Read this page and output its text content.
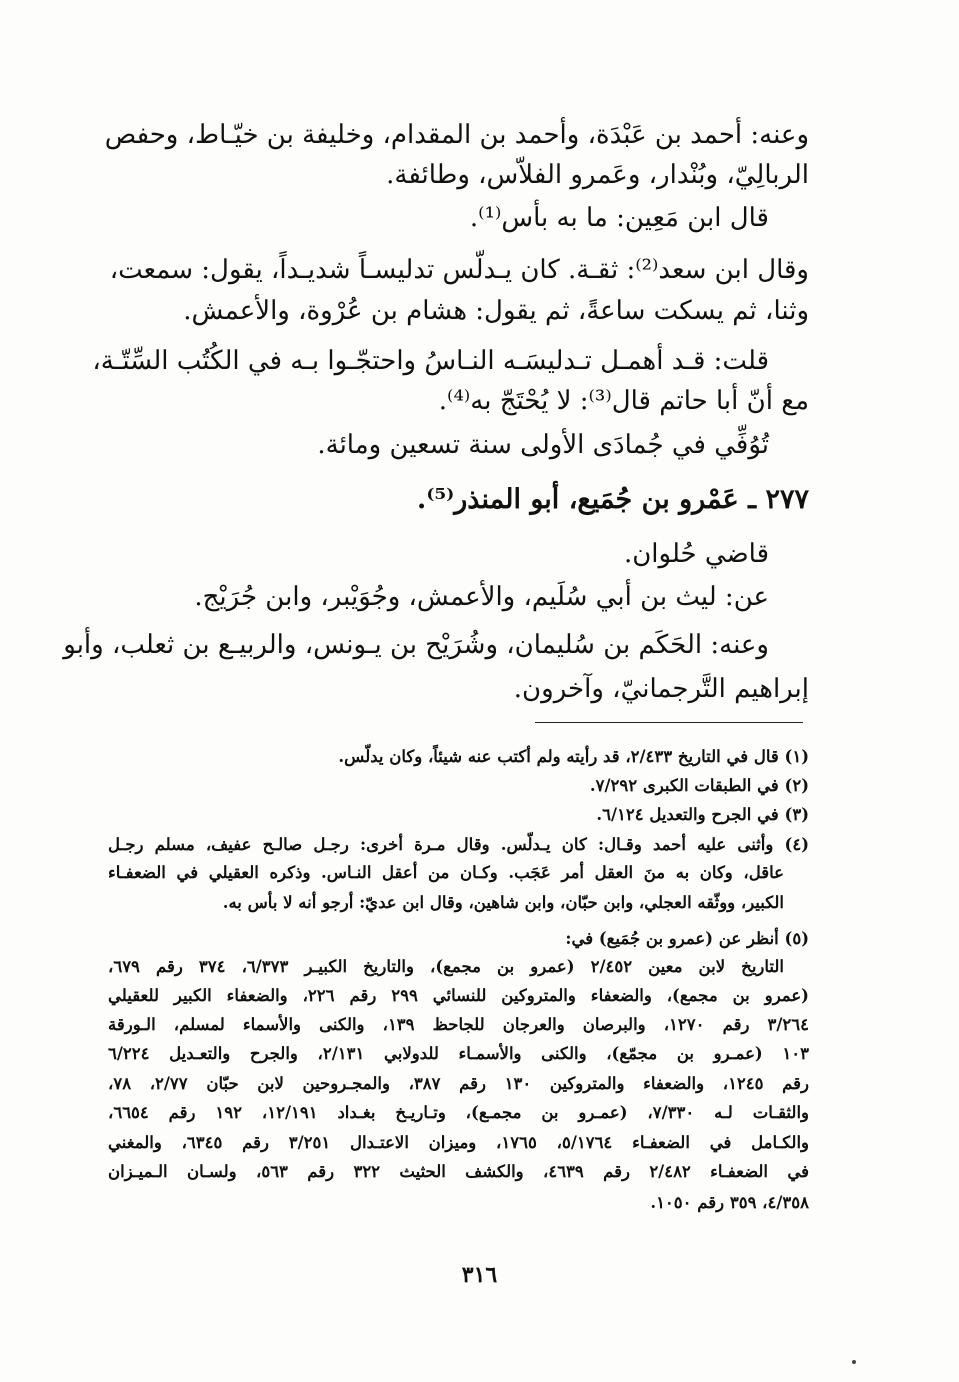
وعنه: أحمد بن عَبْدَة، وأحمد بن المقدام، وخليفة بن خيّـاط، وحفص
الربالِيّ، وبُنْدار، وعَمرو الفلاّس، وطائفة.
قال ابن مَعِين: ما به بأس⁽¹⁾.
وقال ابن سعد⁽²⁾: ثقـة. كان يـدلّس تدليسـاً شديـداً، يقول: سمعت،
وثنا، ثم يسكت ساعةً، ثم يقول: هشام بن عُرْوة، والأعمش.
قلت: قـد أهمـل تـدليسَـه النـاسُ واحتجّـوا بـه في الكُتُب السِّتّـة،
مع أنّ أبا حاتم قال⁽³⁾: لا يُحْتَجّ به⁽⁴⁾.
تُوُفِّي في جُمادَى الأولى سنة تسعين ومائة.
٢٧٧ ـ عَمْرو بن جُمَيع، أبو المنذر⁽⁵⁾.
قاضي حُلوان.
عن: ليث بن أبي سُلَيم، والأعمش، وجُوَيْبر، وابن جُرَيْج.
وعنه: الحَكَم بن سُليمان، وشُرَيْح بن يـونس، والربيـع بن ثعلب، وأبو
إبراهيم التَّرجمانيّ، وآخرون.
(١) قال في التاريخ ٢/٤٣٣، قد رأيته ولم أكتب عنه شيئاً، وكان يدلّس.
(٢) في الطبقات الكبرى ٧/٢٩٢.
(٣) في الجرح والتعديل ٦/١٢٤.
(٤) وأثنى عليه أحمد وقـال: كان يـدلّس. وقال مـرة أخرى: رجـل صالـح عفيف، مسلم رجـل
عاقل، وكان به منَ العقل أمر عَجَب. وكـان من أعقل النـاس. وذكره العقيلي في الضعفـاء
الكبير، ووثّقه العجلي، وابن حبّان، وابن شاهين، وقال ابن عديّ: أرجو أنه لا بأس به.
(٥) أنظر عن (عمرو بن جُمَيع) في:
التاريخ لابن معين ٢/٤٥٢ (عمرو بن مجمع)، والتاريخ الكبيـر ٦/٣٧٣، ٣٧٤ رقم ٦٧٩،
(عمرو بن مجمع)، والضعفاء والمتروكين للنسائي ٢٩٩ رقم ٢٢٦، والضعفاء الكبير للعقيلي
٣/٢٦٤ رقم ١٢٧٠، والبرصان والعرجان للجاحظ ١٣٩، والكنى والأسماء لمسلم، الـورقة
١٠٣ (عمـرو بن مجمّع)، والكنى والأسمـاء للدولابي ٢/١٣١، والجرح والتعـديل ٦/٢٢٤
رقم ١٢٤٥، والضعفاء والمتروكين ١٣٠ رقم ٣٨٧، والمجـروحين لابن حبّان ٢/٧٧، ٧٨،
والثقـات لـه ٧/٣٣٠، (عمـرو بن مجمـع)، وتـاريـخ بغـداد ١٢/١٩١، ١٩٢ رقم ٦٦٥٤،
والكـامل في الضعفـاء ٥/١٧٦٤، ١٧٦٥، وميزان الاعتـدال ٣/٢٥١ رقم ٦٣٤٥، والمغني
في الضعفـاء ٢/٤٨٢ رقم ٤٦٣٩، والكشف الحثيث ٣٢٢ رقم ٥٦٣، ولسـان الـميـزان
٤/٣٥٨، ٣٥٩ رقم ١٠٥٠.
٣١٦
